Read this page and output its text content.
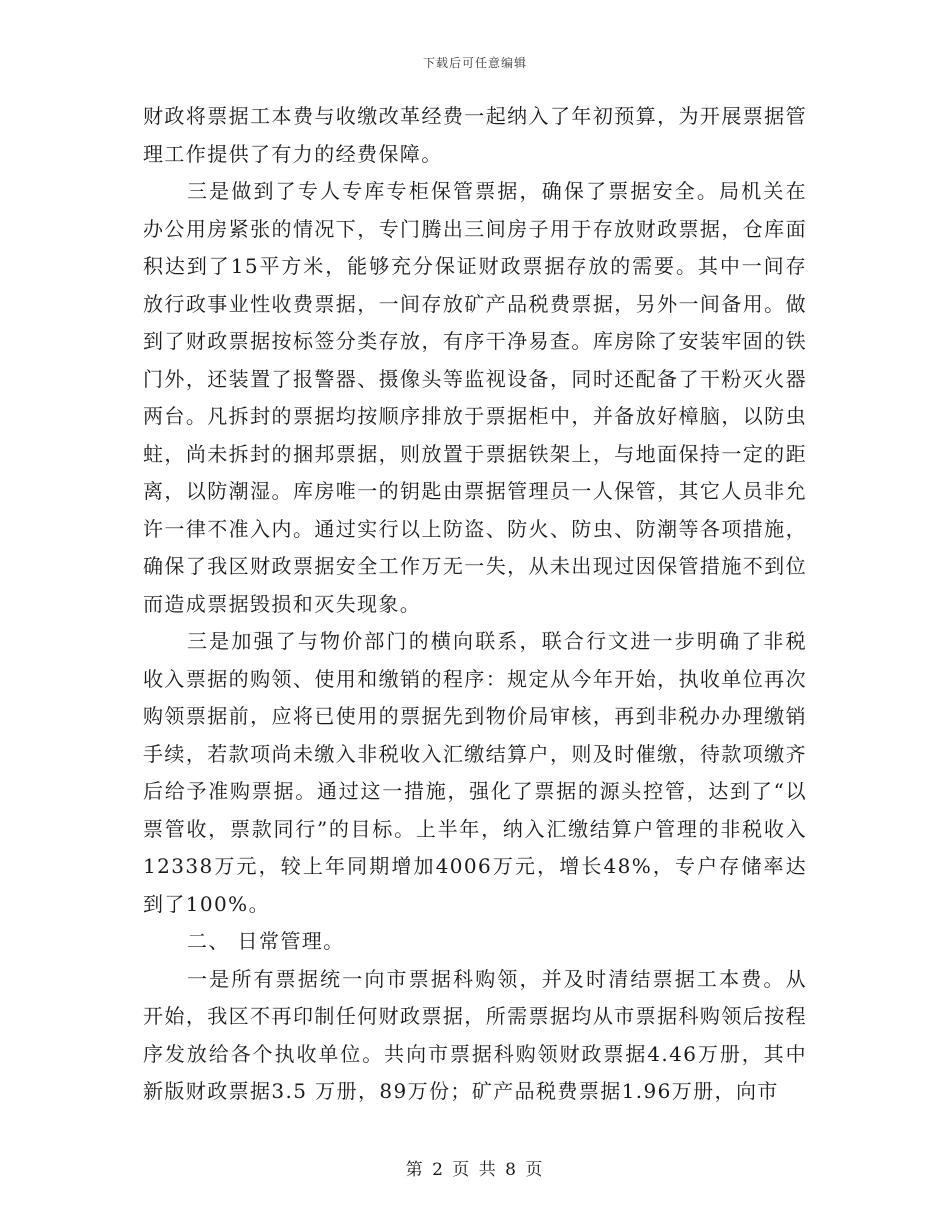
下载后可任意编辑

财政将票据工本费与收缴改革经费一起纳入了年初预算，为开展票据管理工作提供了有力的经费保障。

三是做到了专人专库专柜保管票据，确保了票据安全。局机关在办公用房紧张的情况下，专门腾出三间房子用于存放财政票据，仓库面积达到了15平方米，能够充分保证财政票据存放的需要。其中一间存放行政事业性收费票据，一间存放矿产品税费票据，另外一间备用。做到了财政票据按标签分类存放，有序干净易查。库房除了安装牢固的铁门外，还装置了报警器、摄像头等监视设备，同时还配备了干粉灭火器两台。凡拆封的票据均按顺序排放于票据柜中，并备放好樟脑，以防虫蛀，尚未拆封的捆邦票据，则放置于票据铁架上，与地面保持一定的距离，以防潮湿。库房唯一的钥匙由票据管理员一人保管，其它人员非允许一律不准入内。通过实行以上防盗、防火、防虫、防潮等各项措施，确保了我区财政票据安全工作万无一失，从未出现过因保管措施不到位而造成票据毁损和灭失现象。

三是加强了与物价部门的横向联系，联合行文进一步明确了非税收入票据的购领、使用和缴销的程序：规定从今年开始，执收单位再次购领票据前，应将已使用的票据先到物价局审核，再到非税办办理缴销手续，若款项尚未缴入非税收入汇缴结算户，则及时催缴，待款项缴齐后给予准购票据。通过这一措施，强化了票据的源头控管，达到了“以票管收，票款同行”的目标。上半年，纳入汇缴结算户管理的非税收入12338万元，较上年同期增加4006万元，增长48%，专户存储率达到了100%。

二、 日常管理。

一是所有票据统一向市票据科购领，并及时清结票据工本费。从开始，我区不再印制任何财政票据，所需票据均从市票据科购领后按程序发放给各个执收单位。共向市票据科购领财政票据4.46万册，其中新版财政票据3.5 万册，89万份；矿产品税费票据1.96万册，向市

第 2 页 共 8 页
